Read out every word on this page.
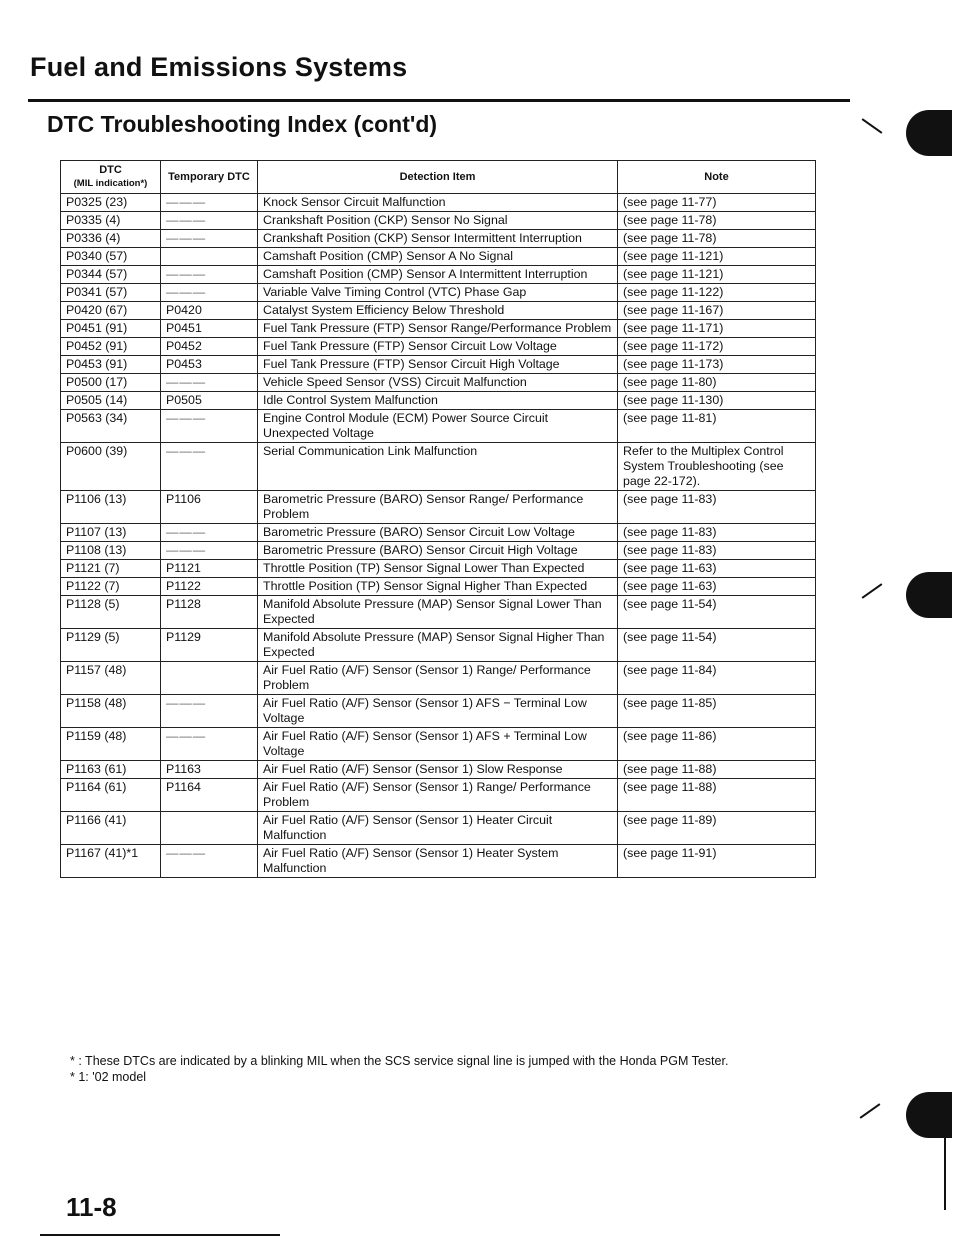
Fuel and Emissions Systems
DTC Troubleshooting Index (cont'd)
DTC
(MIL indication*)	Temporary DTC	Detection Item	Note
P0325 (23)	———	Knock Sensor Circuit Malfunction	(see page 11-77)
P0335 (4)	———	Crankshaft Position (CKP) Sensor No Signal	(see page 11-78)
P0336 (4)	———	Crankshaft Position (CKP) Sensor Intermittent Interruption	(see page 11-78)
P0340 (57)		Camshaft Position (CMP) Sensor A No Signal	(see page 11-121)
P0344 (57)	———	Camshaft Position (CMP) Sensor A Intermittent Interruption	(see page 11-121)
P0341 (57)	———	Variable Valve Timing Control (VTC) Phase Gap	(see page 11-122)
P0420 (67)	P0420	Catalyst System Efficiency Below Threshold	(see page 11-167)
P0451 (91)	P0451	Fuel Tank Pressure (FTP) Sensor Range/Performance Problem	(see page 11-171)
P0452 (91)	P0452	Fuel Tank Pressure (FTP) Sensor Circuit Low Voltage	(see page 11-172)
P0453 (91)	P0453	Fuel Tank Pressure (FTP) Sensor Circuit High Voltage	(see page 11-173)
P0500 (17)	———	Vehicle Speed Sensor (VSS) Circuit Malfunction	(see page 11-80)
P0505 (14)	P0505	Idle Control System Malfunction	(see page 11-130)
P0563 (34)	———	Engine Control Module (ECM) Power Source Circuit Unexpected Voltage	(see page 11-81)
P0600 (39)	———	Serial Communication Link Malfunction	Refer to the Multiplex Control System Troubleshooting (see page 22-172).
P1106 (13)	P1106	Barometric Pressure (BARO) Sensor Range/ Performance Problem	(see page 11-83)
P1107 (13)	———	Barometric Pressure (BARO) Sensor Circuit Low Voltage	(see page 11-83)
P1108 (13)	———	Barometric Pressure (BARO) Sensor Circuit High Voltage	(see page 11-83)
P1121 (7)	P1121	Throttle Position (TP) Sensor Signal Lower Than Expected	(see page 11-63)
P1122 (7)	P1122	Throttle Position (TP) Sensor Signal Higher Than Expected	(see page 11-63)
P1128 (5)	P1128	Manifold Absolute Pressure (MAP) Sensor Signal Lower Than Expected	(see page 11-54)
P1129 (5)	P1129	Manifold Absolute Pressure (MAP) Sensor Signal Higher Than Expected	(see page 11-54)
P1157 (48)		Air Fuel Ratio (A/F) Sensor (Sensor 1) Range/ Performance Problem	(see page 11-84)
P1158 (48)	———	Air Fuel Ratio (A/F) Sensor (Sensor 1) AFS − Terminal Low Voltage	(see page 11-85)
P1159 (48)	———	Air Fuel Ratio (A/F) Sensor (Sensor 1) AFS + Terminal Low Voltage	(see page 11-86)
P1163 (61)	P1163	Air Fuel Ratio (A/F) Sensor (Sensor 1) Slow Response	(see page 11-88)
P1164 (61)	P1164	Air Fuel Ratio (A/F) Sensor (Sensor 1) Range/ Performance Problem	(see page 11-88)
P1166 (41)		Air Fuel Ratio (A/F) Sensor (Sensor 1) Heater Circuit Malfunction	(see page 11-89)
P1167 (41)*1	———	Air Fuel Ratio (A/F) Sensor (Sensor 1) Heater System Malfunction	(see page 11-91)
* : These DTCs are indicated by a blinking MIL when the SCS service signal line is jumped with the Honda PGM Tester.
* 1: '02 model
11-8
